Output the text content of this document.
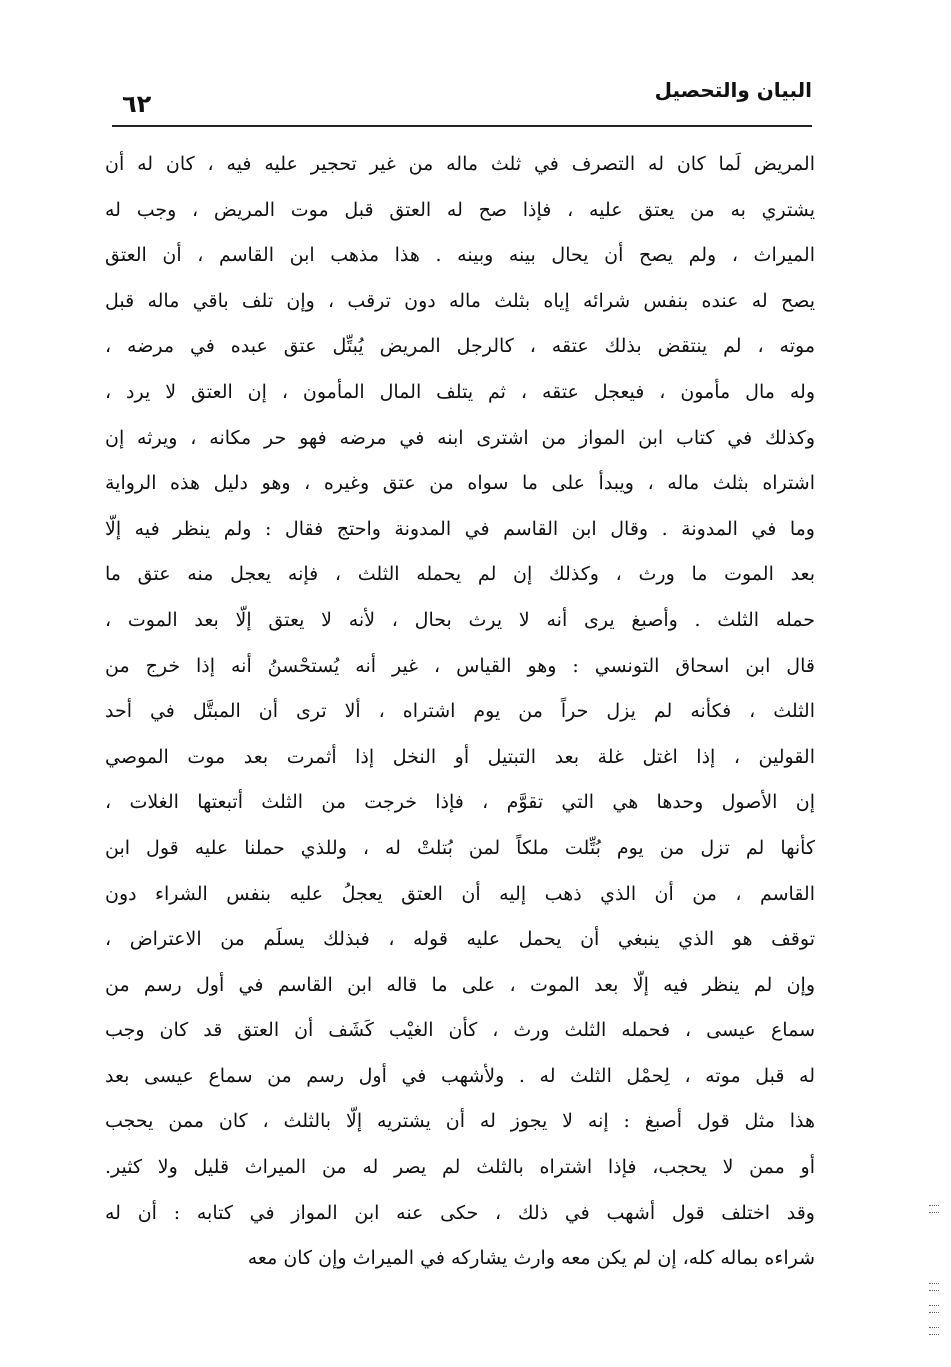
البيان والتحصيل
٦٢
المريض لَما كان له التصرف في ثلث ماله من غير تحجير عليه فيه ، كان له أن
يشتري به من يعتق عليه ، فإذا صح له العتق قبل موت المريض ، وجب له
الميراث ، ولم يصح أن يحال بينه وبينه . هذا مذهب ابن القاسم ، أن العتق
يصح له عنده بنفس شرائه إياه بثلث ماله دون ترقب ، وإن تلف باقي ماله قبل
موته ، لم ينتقض بذلك عتقه ، كالرجل المريض يُبتِّل عتق عبده في مرضه ،
وله مال مأمون ، فيعجل عتقه ، ثم يتلف المال المأمون ، إن العتق لا يرد ،
وكذلك في كتاب ابن المواز من اشترى ابنه في مرضه فهو حر مكانه ، ويرثه إن
اشتراه بثلث ماله ، ويبدأ على ما سواه من عتق وغيره ، وهو دليل هذه الرواية
وما في المدونة . وقال ابن القاسم في المدونة واحتج فقال : ولم ينظر فيه إلّا
بعد الموت ما ورث ، وكذلك إن لم يحمله الثلث ، فإنه يعجل منه عتق ما
حمله الثلث . وأصبغ يرى أنه لا يرث بحال ، لأنه لا يعتق إلّا بعد الموت ،
قال ابن اسحاق التونسي : وهو القياس ، غير أنه يُستحْسنُ أنه إذا خرج من
الثلث ، فكأنه لم يزل حراً من يوم اشتراه ، ألا ترى أن المبتَّل في أحد
القولين ، إذا اغتل غلة بعد التبتيل أو النخل إذا أثمرت بعد موت الموصي
إن الأصول وحدها هي التي تقوَّم ، فإذا خرجت من الثلث أتبعتها الغلات ،
كأنها لم تزل من يوم بُتِّلت ملكاً لمن بُتلتْ له ، وللذي حملنا عليه قول ابن
القاسم ، من أن الذي ذهب إليه أن العتق يعجلُ عليه بنفس الشراء دون
توقف هو الذي ينبغي أن يحمل عليه قوله ، فبذلك يسلَم من الاعتراض ،
وإن لم ينظر فيه إلّا بعد الموت ، على ما قاله ابن القاسم في أول رسم من
سماع عيسى ، فحمله الثلث ورث ، كأن الغيْب كَشَف أن العتق قد كان وجب
له قبل موته ، لِحمْل الثلث له . ولأشهب في أول رسم من سماع عيسى بعد
هذا مثل قول أصبغ : إنه لا يجوز له أن يشتريه إلّا بالثلث ، كان ممن يحجب
أو ممن لا يحجب، فإذا اشتراه بالثلث لم يصر له من الميراث قليل ولا كثير.
وقد اختلف قول أشهب في ذلك ، حكى عنه ابن المواز في كتابه : أن له
شراءه بماله كله، إن لم يكن معه وارث يشاركه في الميراث وإن كان معه
